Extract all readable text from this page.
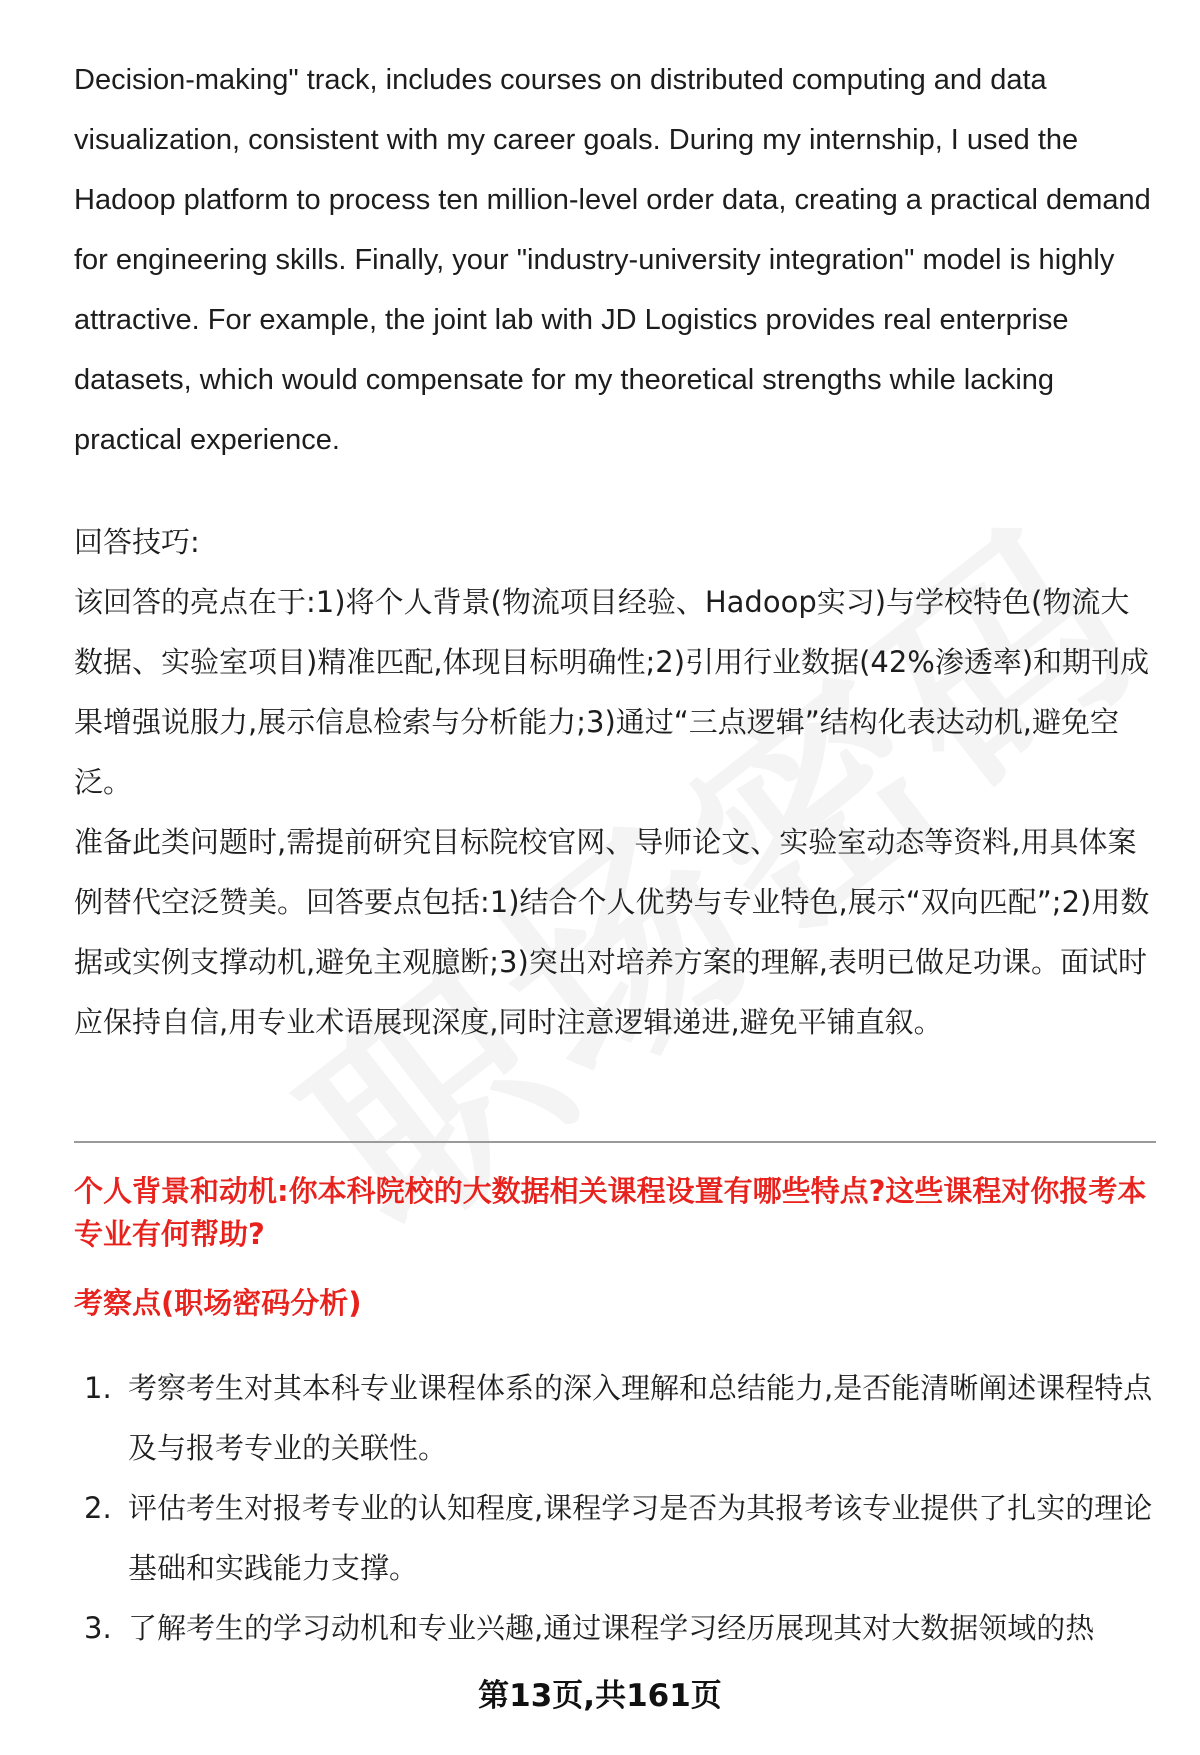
Decision-making" track, includes courses on distributed computing and data visualization, consistent with my career goals. During my internship, I used the Hadoop platform to process ten million-level order data, creating a practical demand for engineering skills. Finally, your "industry-university integration" model is highly attractive. For example, the joint lab with JD Logistics provides real enterprise datasets, which would compensate for my theoretical strengths while lacking practical experience.

回答技巧:

该回答的亮点在于:1)将个人背景(物流项目经验、Hadoop实习)与学校特色(物流大数据、实验室项目)精准匹配,体现目标明确性;2)引用行业数据(42%渗透率)和期刊成果增强说服力,展示信息检索与分析能力;3)通过“三点逻辑”结构化表达动机,避免空泛。

准备此类问题时,需提前研究目标院校官网、导师论文、实验室动态等资料,用具体案例替代空泛赞美。回答要点包括:1)结合个人优势与专业特色,展示“双向匹配”;2)用数据或实例支撑动机,避免主观臆断;3)突出对培养方案的理解,表明已做足功课。面试时应保持自信,用专业术语展现深度,同时注意逻辑递进,避免平铺直叙。

个人背景和动机:你本科院校的大数据相关课程设置有哪些特点?这些课程对你报考本专业有何帮助?

考察点(职场密码分析)

1. 考察考生对其本科专业课程体系的深入理解和总结能力,是否能清晰阐述课程特点及与报考专业的关联性。
2. 评估考生对报考专业的认知程度,课程学习是否为其报考该专业提供了扎实的理论基础和实践能力支撑。
3. 了解考生的学习动机和专业兴趣,通过课程学习经历展现其对大数据领域的热
第13页,共161页
